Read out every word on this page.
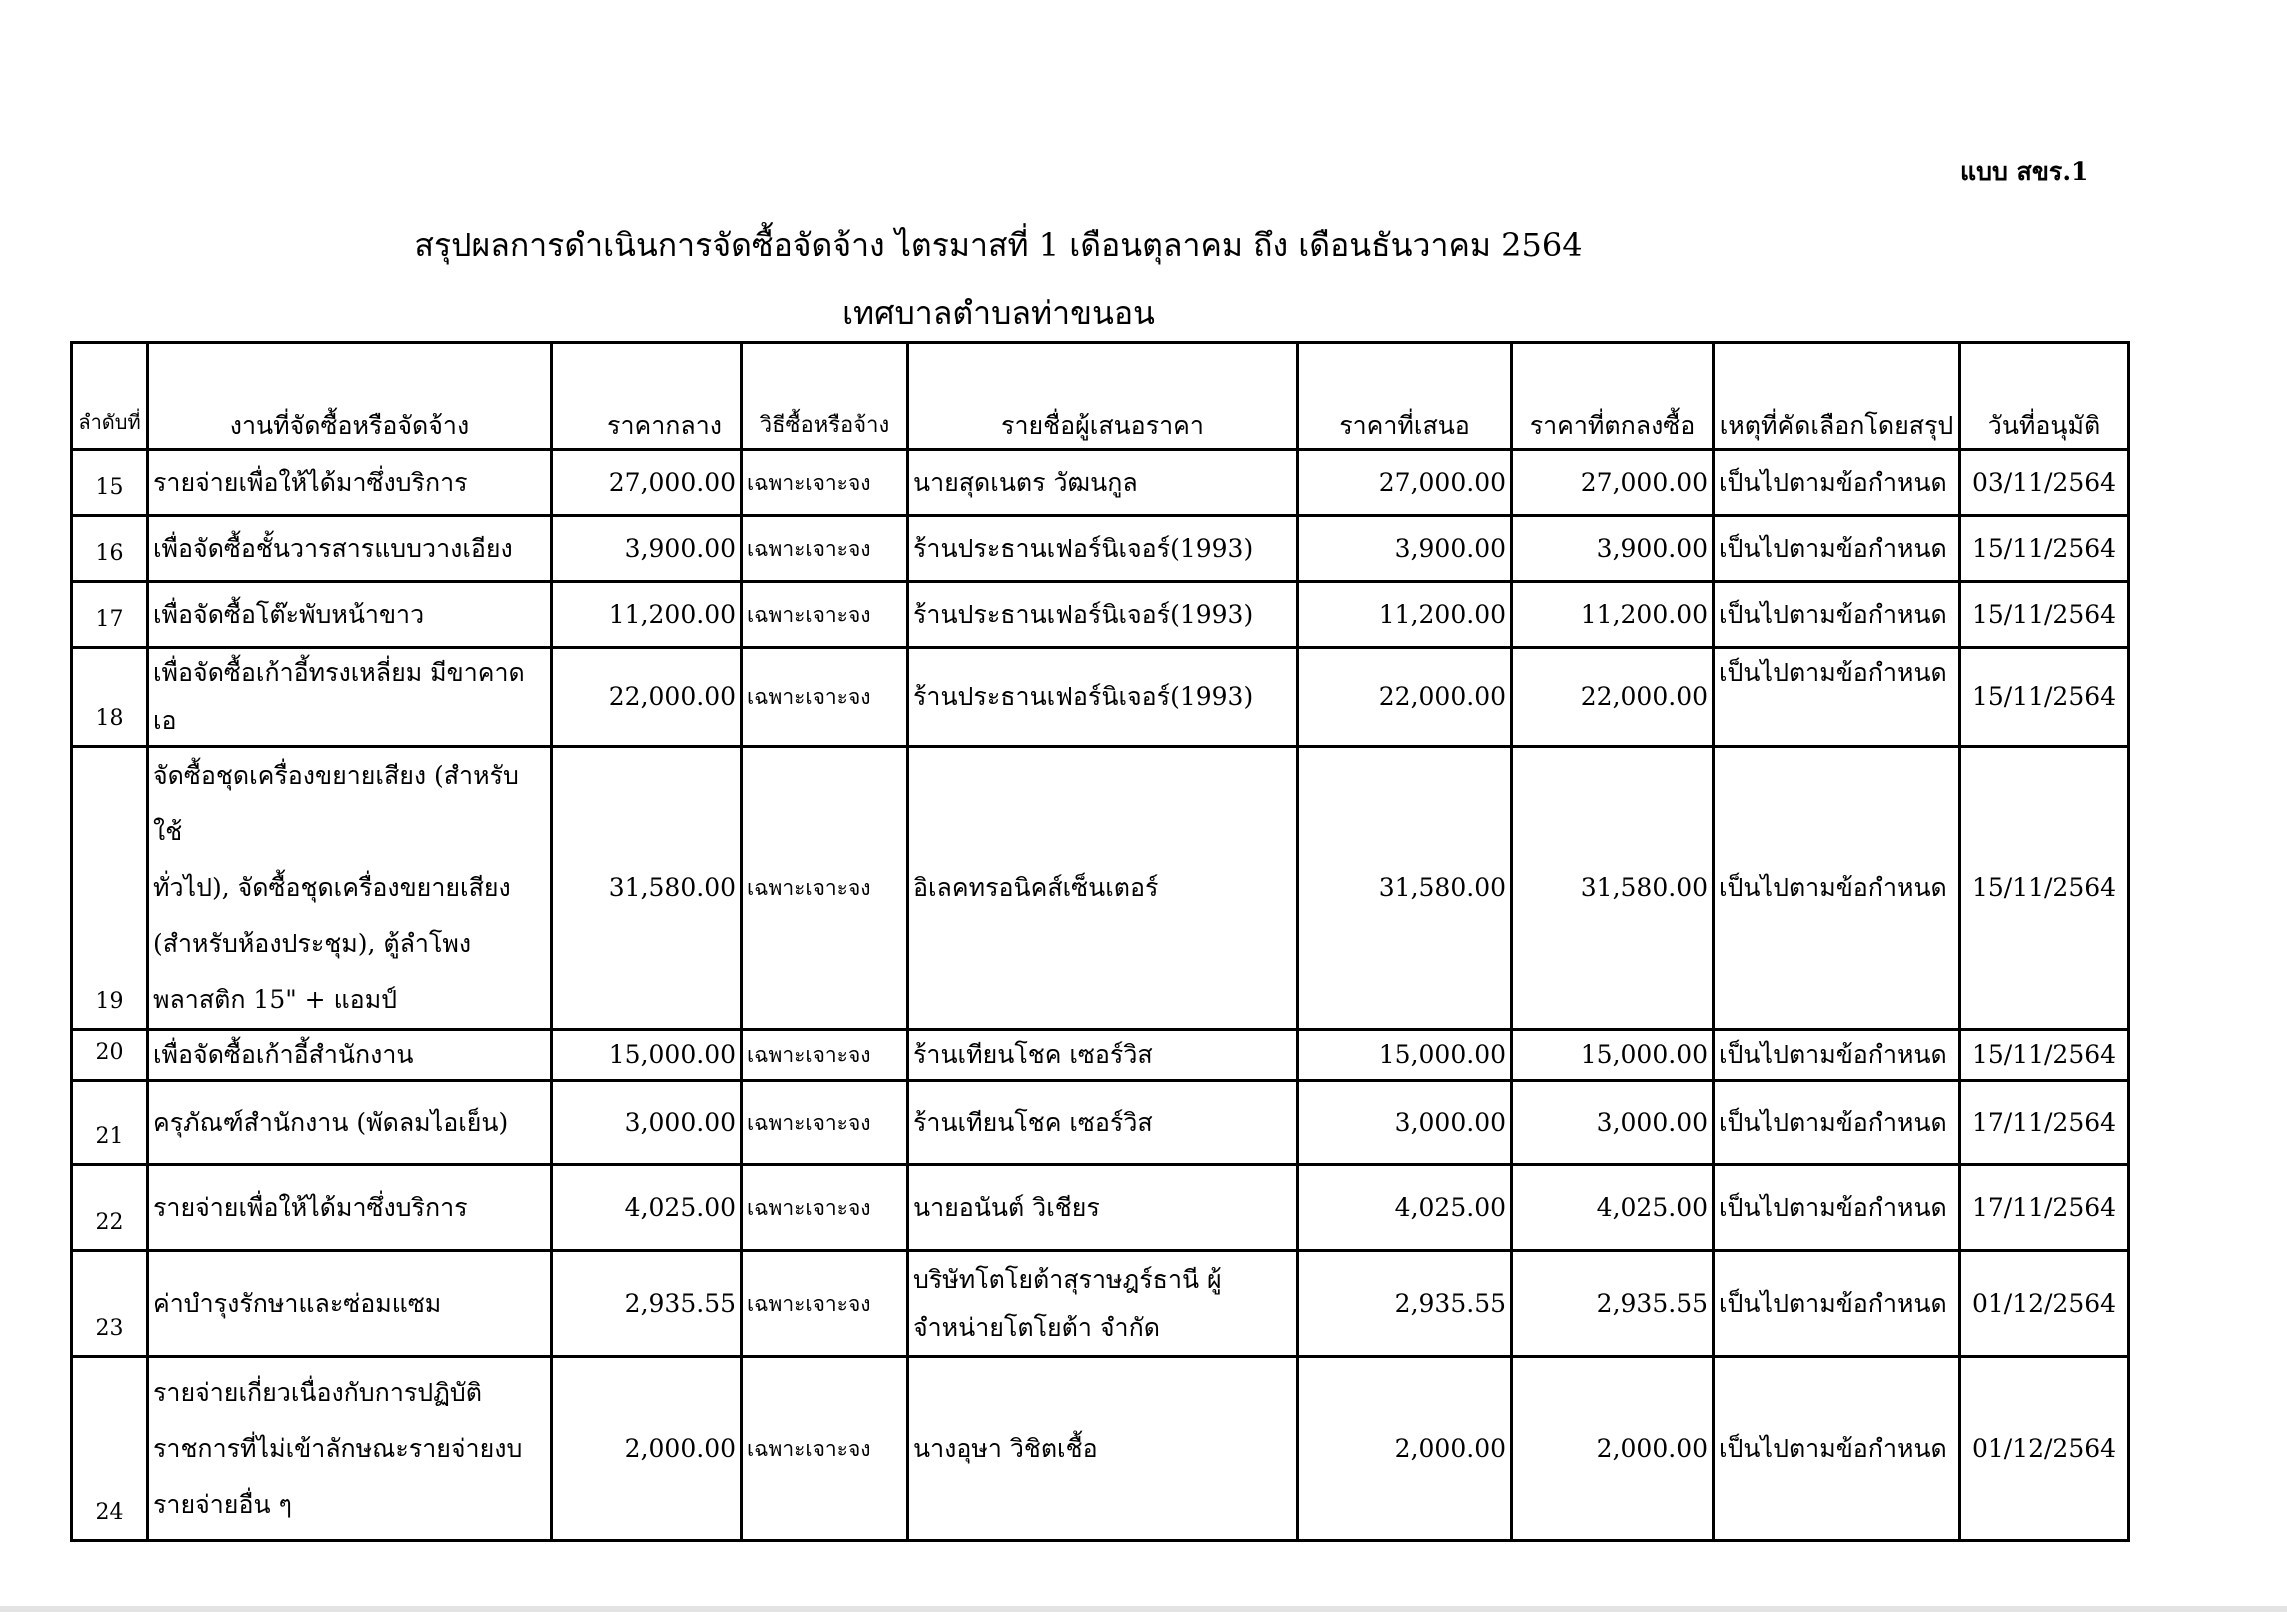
แบบ สขร.1
สรุปผลการดำเนินการจัดซื้อจัดจ้าง ไตรมาสที่ 1 เดือนตุลาคม ถึง เดือนธันวาคม 2564
เทศบาลตำบลท่าขนอน
ลำดับที่	งานที่จัดซื้อหรือจัดจ้าง	ราคากลาง	วิธีซื้อหรือจ้าง	รายชื่อผู้เสนอราคา	ราคาที่เสนอ	ราคาที่ตกลงซื้อ	เหตุที่คัดเลือกโดยสรุป	วันที่อนุมัติ
15	รายจ่ายเพื่อให้ได้มาซึ่งบริการ	27,000.00	เฉพาะเจาะจง	นายสุดเนตร วัฒนกูล	27,000.00	27,000.00	เป็นไปตามข้อกำหนด	03/11/2564
16	เพื่อจัดซื้อชั้นวารสารแบบวางเอียง	3,900.00	เฉพาะเจาะจง	ร้านประธานเฟอร์นิเจอร์(1993)	3,900.00	3,900.00	เป็นไปตามข้อกำหนด	15/11/2564
17	เพื่อจัดซื้อโต๊ะพับหน้าขาว	11,200.00	เฉพาะเจาะจง	ร้านประธานเฟอร์นิเจอร์(1993)	11,200.00	11,200.00	เป็นไปตามข้อกำหนด	15/11/2564
18	เพื่อจัดซื้อเก้าอี้ทรงเหลี่ยม มีขาคาดเอ	22,000.00	เฉพาะเจาะจง	ร้านประธานเฟอร์นิเจอร์(1993)	22,000.00	22,000.00	เป็นไปตามข้อกำหนด	15/11/2564
19	จัดซื้อชุดเครื่องขยายเสียง (สำหรับใช้
ทั่วไป), จัดซื้อชุดเครื่องขยายเสียง
(สำหรับห้องประชุม), ตู้ลำโพง
พลาสติก 15" + แอมป์	31,580.00	เฉพาะเจาะจง	อิเลคทรอนิคส์เซ็นเตอร์	31,580.00	31,580.00	เป็นไปตามข้อกำหนด	15/11/2564
20	เพื่อจัดซื้อเก้าอี้สำนักงาน	15,000.00	เฉพาะเจาะจง	ร้านเทียนโชค เซอร์วิส	15,000.00	15,000.00	เป็นไปตามข้อกำหนด	15/11/2564
21	ครุภัณฑ์สำนักงาน (พัดลมไอเย็น)	3,000.00	เฉพาะเจาะจง	ร้านเทียนโชค เซอร์วิส	3,000.00	3,000.00	เป็นไปตามข้อกำหนด	17/11/2564
22	รายจ่ายเพื่อให้ได้มาซึ่งบริการ	4,025.00	เฉพาะเจาะจง	นายอนันต์ วิเชียร	4,025.00	4,025.00	เป็นไปตามข้อกำหนด	17/11/2564
23	ค่าบำรุงรักษาและซ่อมแซม	2,935.55	เฉพาะเจาะจง	บริษัทโตโยต้าสุราษฎร์ธานี ผู้
จำหน่ายโตโยต้า จำกัด	2,935.55	2,935.55	เป็นไปตามข้อกำหนด	01/12/2564
24	รายจ่ายเกี่ยวเนื่องกับการปฏิบัติ
ราชการที่ไม่เข้าลักษณะรายจ่ายงบ
รายจ่ายอื่น ๆ	2,000.00	เฉพาะเจาะจง	นางอุษา วิชิตเชื้อ	2,000.00	2,000.00	เป็นไปตามข้อกำหนด	01/12/2564
